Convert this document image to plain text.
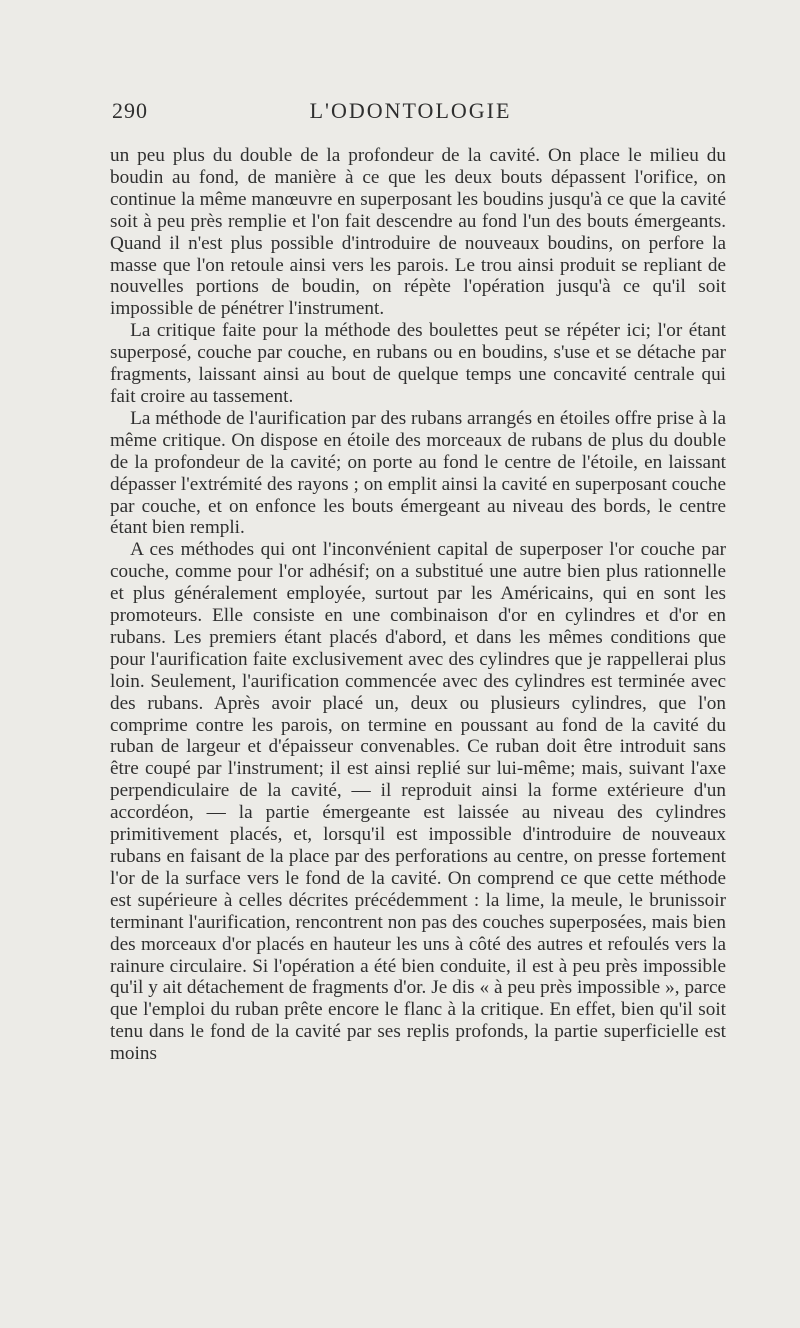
290	L'ODONTOLOGIE

un peu plus du double de la profondeur de la cavité. On place le milieu du boudin au fond, de manière à ce que les deux bouts dépassent l'orifice, on continue la même manœuvre en superposant les boudins jusqu'à ce que la cavité soit à peu près remplie et l'on fait descendre au fond l'un des bouts émergeants. Quand il n'est plus possible d'introduire de nouveaux boudins, on perfore la masse que l'on retoule ainsi vers les parois. Le trou ainsi produit se repliant de nouvelles portions de boudin, on répète l'opération jusqu'à ce qu'il soit impossible de pénétrer l'instrument.

La critique faite pour la méthode des boulettes peut se répéter ici; l'or étant superposé, couche par couche, en rubans ou en boudins, s'use et se détache par fragments, laissant ainsi au bout de quelque temps une concavité centrale qui fait croire au tassement.

La méthode de l'aurification par des rubans arrangés en étoiles offre prise à la même critique. On dispose en étoile des morceaux de rubans de plus du double de la profondeur de la cavité; on porte au fond le centre de l'étoile, en laissant dépasser l'extrémité des rayons ; on emplit ainsi la cavité en superposant couche par couche, et on enfonce les bouts émergeant au niveau des bords, le centre étant bien rempli.

A ces méthodes qui ont l'inconvénient capital de superposer l'or couche par couche, comme pour l'or adhésif; on a substitué une autre bien plus rationnelle et plus généralement employée, surtout par les Américains, qui en sont les promoteurs. Elle consiste en une combinaison d'or en cylindres et d'or en rubans. Les premiers étant placés d'abord, et dans les mêmes conditions que pour l'aurification faite exclusivement avec des cylindres que je rappellerai plus loin. Seulement, l'aurification commencée avec des cylindres est terminée avec des rubans. Après avoir placé un, deux ou plusieurs cylindres, que l'on comprime contre les parois, on termine en poussant au fond de la cavité du ruban de largeur et d'épaisseur convenables. Ce ruban doit être introduit sans être coupé par l'instrument; il est ainsi replié sur lui-même; mais, suivant l'axe perpendiculaire de la cavité, — il reproduit ainsi la forme extérieure d'un accordéon, — la partie émergeante est laissée au niveau des cylindres primitivement placés, et, lorsqu'il est impossible d'introduire de nouveaux rubans en faisant de la place par des perforations au centre, on presse fortement l'or de la surface vers le fond de la cavité. On comprend ce que cette méthode est supérieure à celles décrites précédemment : la lime, la meule, le brunissoir terminant l'aurification, rencontrent non pas des couches superposées, mais bien des morceaux d'or placés en hauteur les uns à côté des autres et refoulés vers la rainure circulaire. Si l'opération a été bien conduite, il est à peu près impossible qu'il y ait détachement de fragments d'or. Je dis « à peu près impossible », parce que l'emploi du ruban prête encore le flanc à la critique. En effet, bien qu'il soit tenu dans le fond de la cavité par ses replis profonds, la partie superficielle est moins
